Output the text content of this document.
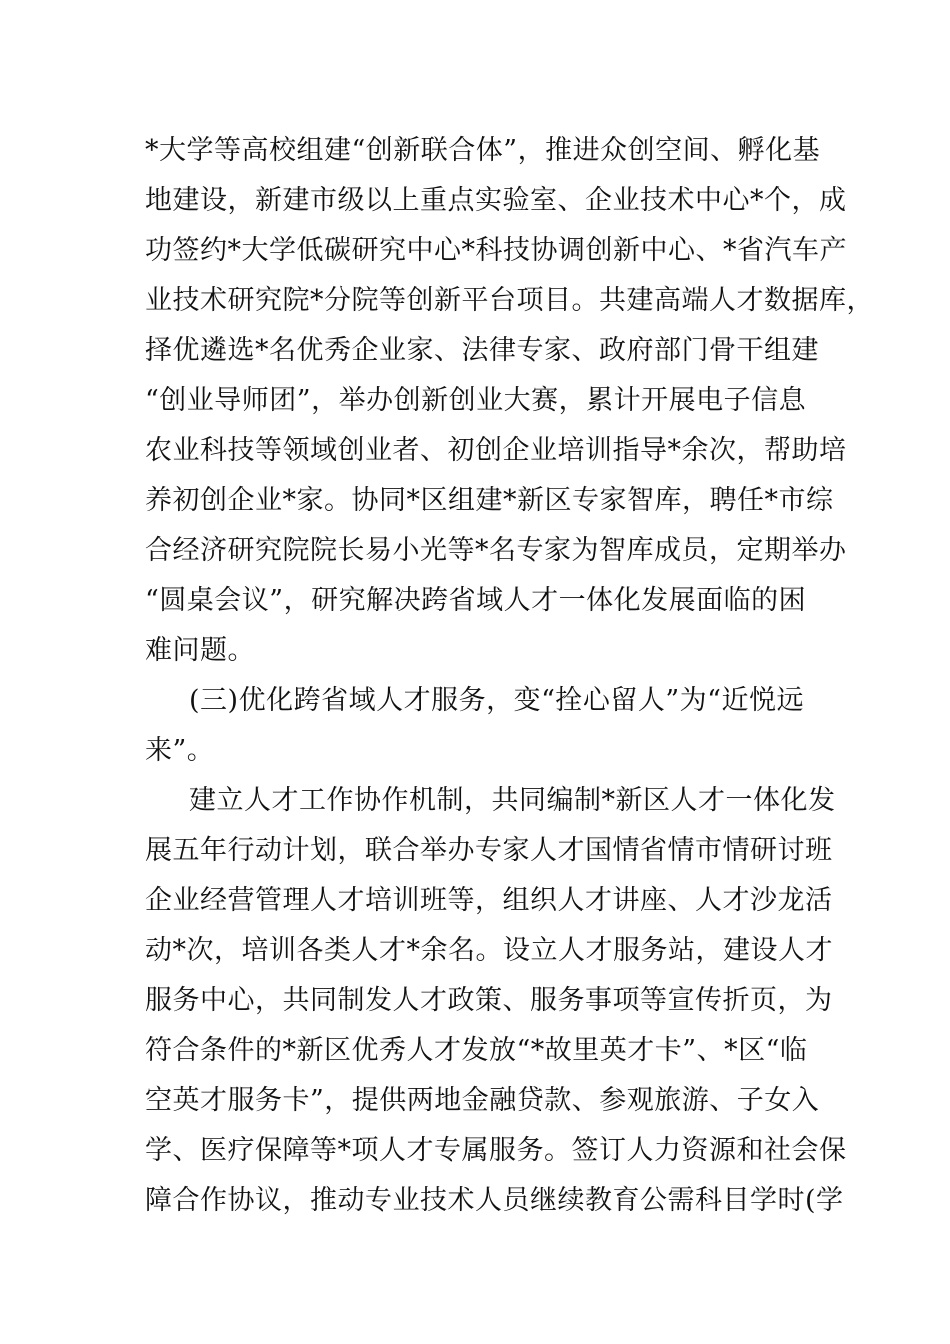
*大学等高校组建“创新联合体”，推进众创空间、孵化基
地建设，新建市级以上重点实验室、企业技术中心*个，成
功签约*大学低碳研究中心*科技协调创新中心、*省汽车产
业技术研究院*分院等创新平台项目。共建高端人才数据库，
择优遴选*名优秀企业家、法律专家、政府部门骨干组建
“创业导师团”，举办创新创业大赛，累计开展电子信息
农业科技等领域创业者、初创企业培训指导*余次，帮助培
养初创企业*家。协同*区组建*新区专家智库，聘任*市综
合经济研究院院长易小光等*名专家为智库成员，定期举办
“圆桌会议”，研究解决跨省域人才一体化发展面临的困
难问题。
(三)优化跨省域人才服务，变“拴心留人”为“近悦远
来”。
建立人才工作协作机制，共同编制*新区人才一体化发
展五年行动计划，联合举办专家人才国情省情市情研讨班
企业经营管理人才培训班等，组织人才讲座、人才沙龙活
动*次，培训各类人才*余名。设立人才服务站，建设人才
服务中心，共同制发人才政策、服务事项等宣传折页，为
符合条件的*新区优秀人才发放“*故里英才卡”、*区“临
空英才服务卡”，提供两地金融贷款、参观旅游、子女入
学、医疗保障等*项人才专属服务。签订人力资源和社会保
障合作协议，推动专业技术人员继续教育公需科目学时(学
